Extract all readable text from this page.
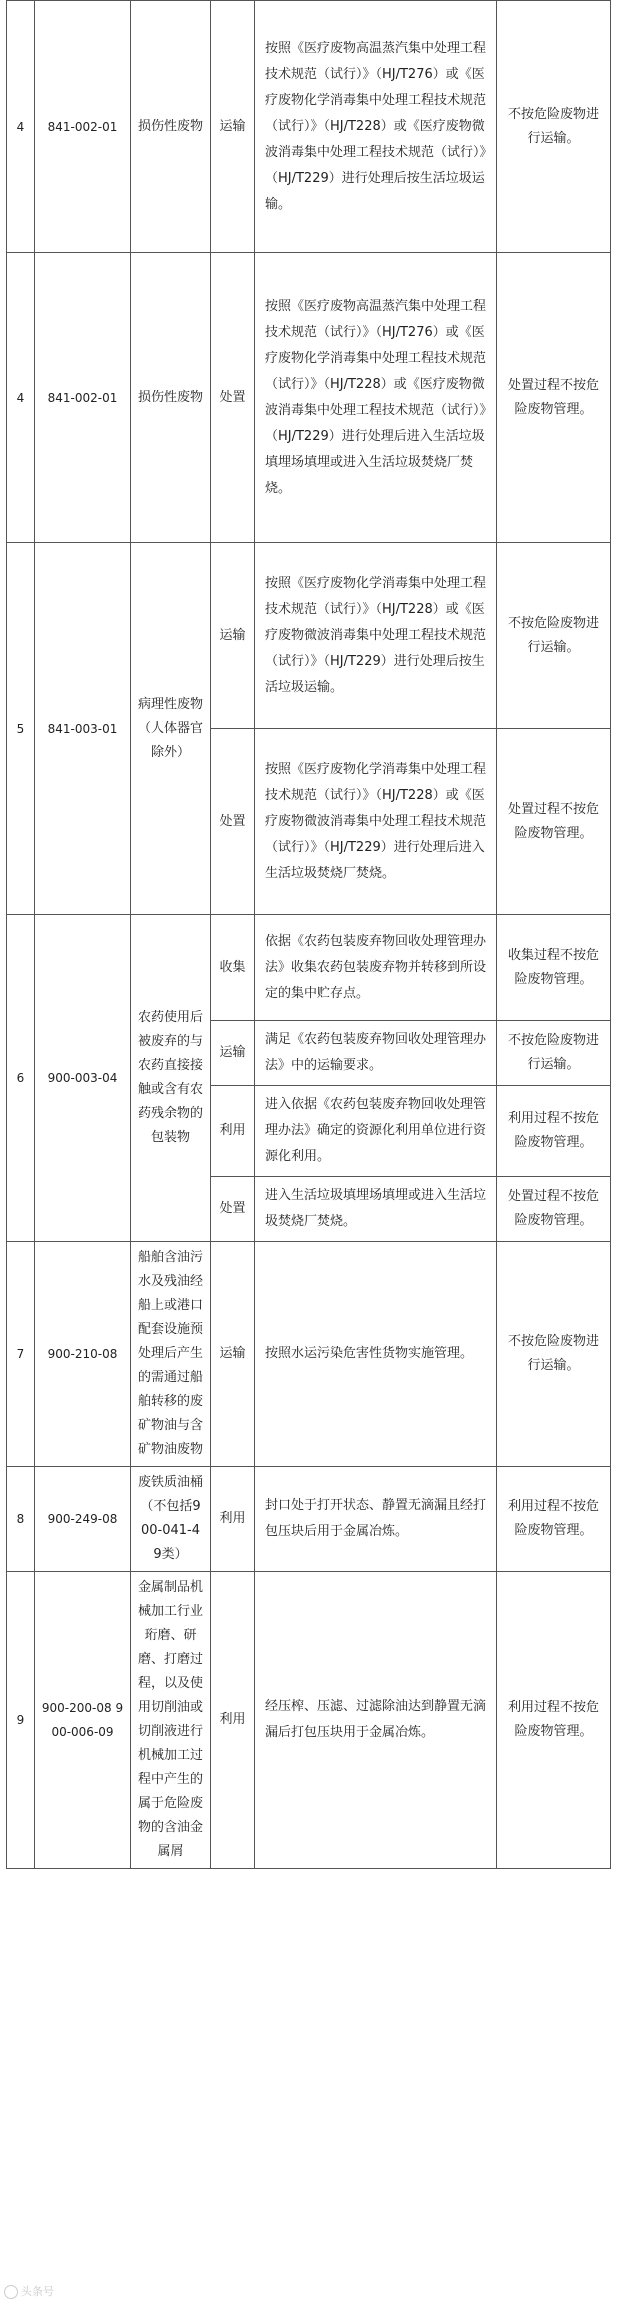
4	841-002-01	损伤性废物	运输	按照《医疗废物高温蒸汽集中处理工程技术规范（试行）》（HJ/T276）或《医疗废物化学消毒集中处理工程技术规范（试行）》（HJ/T228）或《医疗废物微波消毒集中处理工程技术规范（试行）》（HJ/T229）进行处理后按生活垃圾运输。	不按危险废物进行运输。
4	841-002-01	损伤性废物	处置	按照《医疗废物高温蒸汽集中处理工程技术规范（试行）》（HJ/T276）或《医疗废物化学消毒集中处理工程技术规范（试行）》（HJ/T228）或《医疗废物微波消毒集中处理工程技术规范（试行）》（HJ/T229）进行处理后进入生活垃圾填埋场填埋或进入生活垃圾焚烧厂焚烧。	处置过程不按危险废物管理。
5	841-003-01	病理性废物（人体器官除外）	运输	按照《医疗废物化学消毒集中处理工程技术规范（试行）》（HJ/T228）或《医疗废物微波消毒集中处理工程技术规范（试行）》（HJ/T229）进行处理后按生活垃圾运输。	不按危险废物进行运输。
			处置	按照《医疗废物化学消毒集中处理工程技术规范（试行）》（HJ/T228）或《医疗废物微波消毒集中处理工程技术规范（试行）》（HJ/T229）进行处理后进入生活垃圾焚烧厂焚烧。	处置过程不按危险废物管理。
6	900-003-04	农药使用后被废弃的与农药直接接触或含有农药残余物的包装物	收集	依据《农药包装废弃物回收处理管理办法》收集农药包装废弃物并转移到所设定的集中贮存点。	收集过程不按危险废物管理。
			运输	满足《农药包装废弃物回收处理管理办法》中的运输要求。	不按危险废物进行运输。
			利用	进入依据《农药包装废弃物回收处理管理办法》确定的资源化利用单位进行资源化利用。	利用过程不按危险废物管理。
			处置	进入生活垃圾填埋场填埋或进入生活垃圾焚烧厂焚烧。	处置过程不按危险废物管理。
7	900-210-08	船舶含油污水及残油经船上或港口配套设施预处理后产生的需通过船舶转移的废矿物油与含矿物油废物	运输	按照水运污染危害性货物实施管理。	不按危险废物进行运输。
8	900-249-08	废铁质油桶（不包括900-041-49类）	利用	封口处于打开状态、静置无滴漏且经打包压块后用于金属冶炼。	利用过程不按危险废物管理。
9	900-200-08 900-006-09	金属制品机械加工行业珩磨、研磨、打磨过程，以及使用切削油或切削液进行机械加工过程中产生的属于危险废物的含油金属屑	利用	经压榨、压滤、过滤除油达到静置无滴漏后打包压块用于金属冶炼。	利用过程不按危险废物管理。
头条号
